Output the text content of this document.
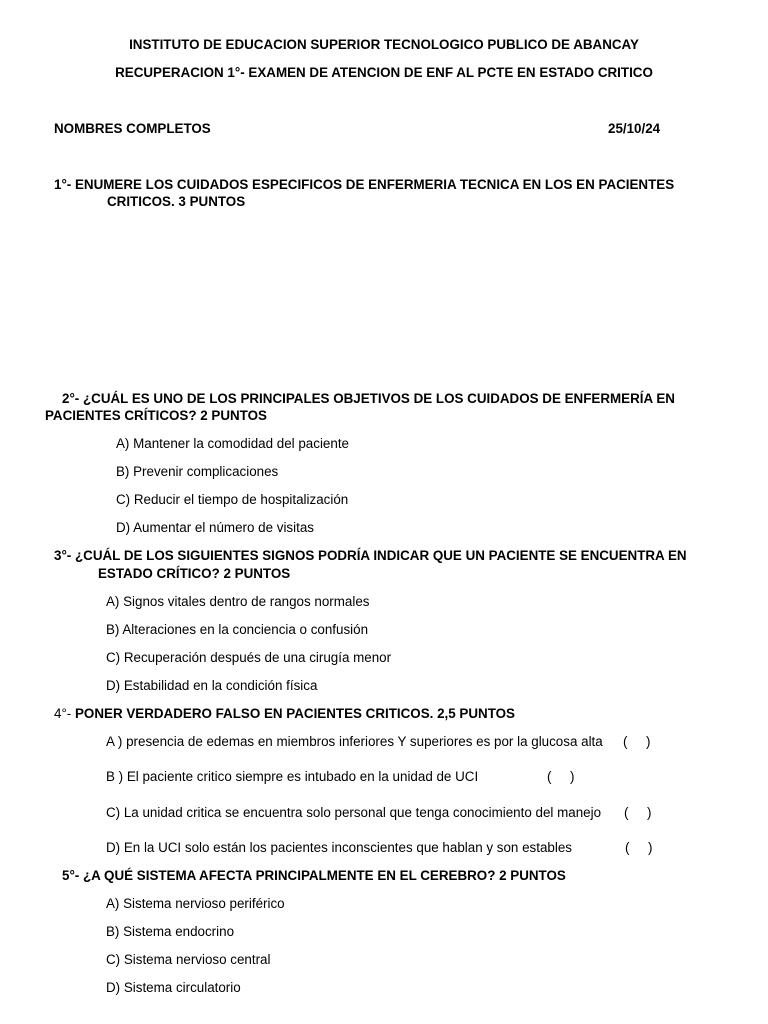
INSTITUTO DE EDUCACION SUPERIOR TECNOLOGICO PUBLICO DE ABANCAY
RECUPERACION 1°- EXAMEN DE ATENCION DE ENF AL PCTE EN ESTADO CRITICO
NOMBRES COMPLETOS	25/10/24
1°- ENUMERE LOS CUIDADOS ESPECIFICOS DE ENFERMERIA TECNICA EN LOS EN PACIENTES
CRITICOS. 3 PUNTOS
2°- ¿CUÁL ES UNO DE LOS PRINCIPALES OBJETIVOS DE LOS CUIDADOS DE ENFERMERÍA EN
PACIENTES CRÍTICOS? 2 PUNTOS
A) Mantener la comodidad del paciente
B) Prevenir complicaciones
C) Reducir el tiempo de hospitalización
D) Aumentar el número de visitas
3°- ¿CUÁL DE LOS SIGUIENTES SIGNOS PODRÍA INDICAR QUE UN PACIENTE SE ENCUENTRA EN
ESTADO CRÍTICO? 2 PUNTOS
A) Signos vitales dentro de rangos normales
B) Alteraciones en la conciencia o confusión
C) Recuperación después de una cirugía menor
D) Estabilidad en la condición física
4°- PONER VERDADERO FALSO EN PACIENTES CRITICOS. 2,5 PUNTOS
A ) presencia de edemas en miembros inferiores Y superiores es por la glucosa alta (     )
B ) El paciente critico siempre es intubado en la unidad de UCI	(     )
C) La unidad critica se encuentra solo personal que tenga conocimiento del manejo (     )
D) En la UCI solo están los pacientes inconscientes que hablan y son estables	(     )
5°- ¿A QUÉ SISTEMA AFECTA PRINCIPALMENTE EN EL CEREBRO? 2 PUNTOS
A) Sistema nervioso periférico
B) Sistema endocrino
C) Sistema nervioso central
D) Sistema circulatorio
